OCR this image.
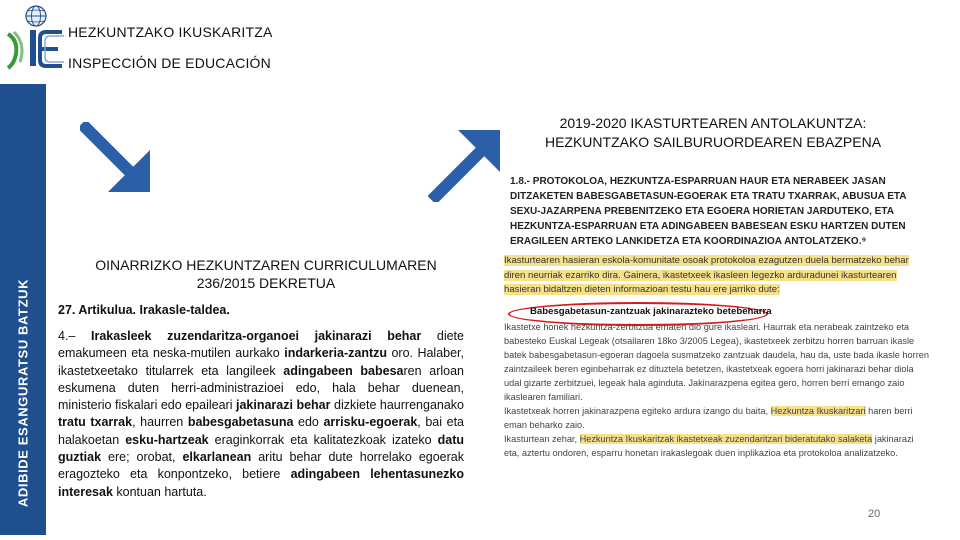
HEZKUNTZAKO IKUSKARITZA
INSPECCIÓN DE EDUCACIÓN
ADIBIDE ESANGURATSU BATZUK
2019-2020 IKASTURTEAREN ANTOLAKUNTZA:
HEZKUNTZAKO SAILBURUORDEAREN EBAZPENA
OINARRIZKO HEZKUNTZAREN CURRICULUMAREN
236/2015 DEKRETUA
27. Artikulua. Irakasle-taldea.
4.– Irakasleek zuzendaritza-organoei jakinarazi behar diete emakumeen eta neska-mutilen aurkako indarkeria-zantzu oro. Halaber, ikastetxeetako titularrek eta langileek adingabeen babesaren arloan eskumena duten herri-administrazioei edo, hala behar duenean, ministerio fiskalari edo epaileari jakinarazi behar dizkiete haurrenganako tratu txarrak, haurren babesgabetasuna edo arrisku-egoerak, bai eta halakoetan esku-hartzeak eraginkorrak eta kalitatezkoak izateko datu guztiak ere; orobat, elkarlanean aritu behar dute horrelako egoerak eragozteko eta konpontzeko, betiere adingabeen lehentasunezko interesak kontuan hartuta.
1.8.- PROTOKOLOA, HEZKUNTZA-ESPARRUAN HAUR ETA NERABEEK JASAN DITZAKETEN BABESGABETASUN-EGOERAK ETA TRATU TXARRAK, ABUSUA ETA SEXU-JAZARPENA PREBENITZEKO ETA EGOERA HORIETAN JARDUTEKO, ETA HEZKUNTZA-ESPARRUAN ETA ADINGABEEN BABESEAN ESKU HARTZEN DUTEN ERAGILEEN ARTEKO LANKIDETZA ETA KOORDINAZIOA ANTOLATZEKO.⁹
Ikasturtearen hasieran eskola-komunitate osoak protokoloa ezagutzen duela bermatzeko behar diren neurriak ezarriko dira. Gainera, ikastetxeek ikasleen legezko arduradunei ikasturtearen hasieran bidaltzen dieten informazioan testu hau ere jarriko dute:
Babesgabetasun-zantzuak jakinarazteko betebeharra
Ikastetxe honek hezkuntza-zerbitzua ematen dio gure ikasleari. Haurrak eta nerabeak zaintzeko eta babesteko Euskal Legeak (otsailaren 18ko 3/2005 Legea), ikastetxeek zerbitzu horren barruan ikasle batek babesgabetasun-egoeran dagoela susmatzeko zantzuak daudela, hau da, uste bada ikasle horren zaintzaileek beren eginbeharrak ez dituztela betetzen, ikastetxeak egoera horri jakinarazi behar diola udal gizarte zerbitzuei, legeak hala aginduta. Jakinarazpena egitea gero, horren berri emango zaio ikaslearen familiari.
Ikastetxeak horren jakinarazpena egiteko ardura izango du baita, Hezkuntza Ikuskaritzari haren berri eman beharko zaio.
Ikasturtean zehar, Hezkuntza Ikuskaritzak ikastetxeak zuzendaritzari bideratutako salaketa jakinarazi eta, aztertu ondoren, esparru honetan irakaslegoak duen inplikazioa eta protokoloa analizatzeko.
20
